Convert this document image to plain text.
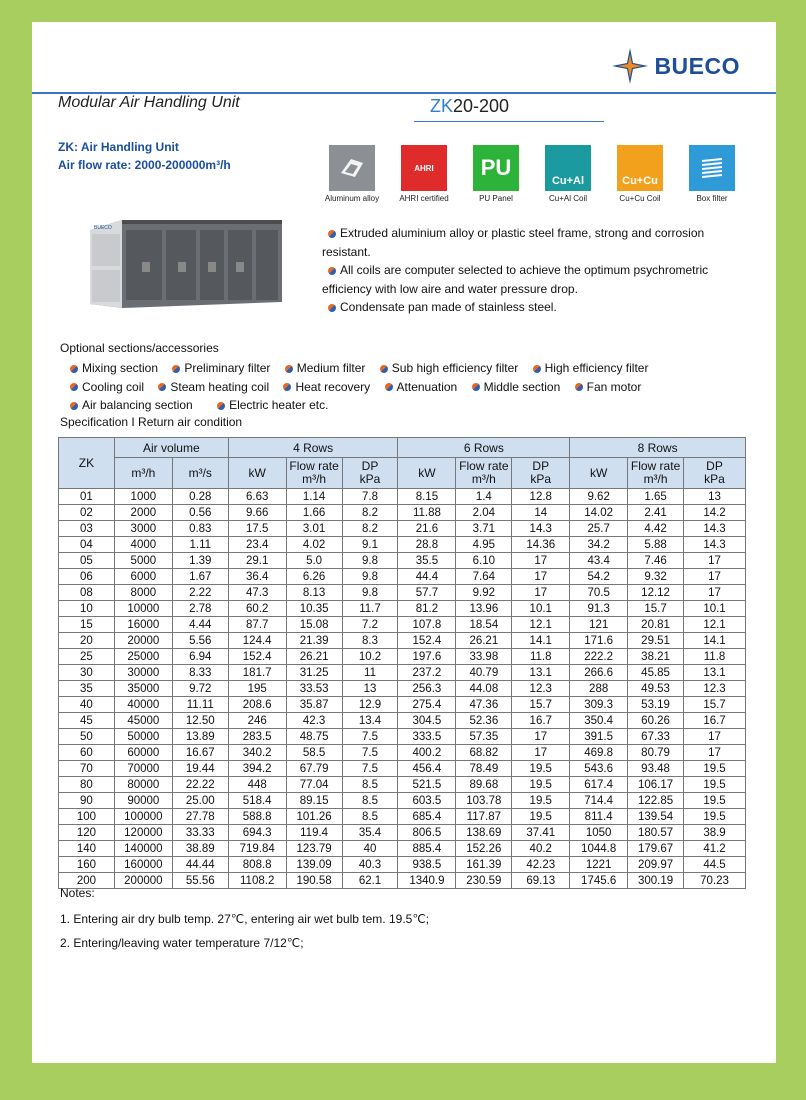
BUECO
Modular Air Handling Unit	ZK20-200
ZK: Air Handling Unit
Air flow rate: 2000-200000m³/h
Aluminum alloy
AHRI
AHRI certified
PU
PU Panel
Cu+Al
Cu+Al Coil
Cu+Cu
Cu+Cu Coil	Box filter
BUECO	Extruded aluminium alloy or plastic steel frame, strong and corrosion resistant.

All coils are computer selected to achieve the optimum psychrometric efficiency with low aire and water pressure drop.

Condensate pan made of stainless steel.

Optional sections/accessories
Mixing section Preliminary filter Medium filter Sub high efficiency filter High efficiency filter
Cooling coil Steam heating coil Heat recovery Attenuation Middle section Fan motor
Air balancing section	Electric heater etc.
Specification I Return air condition
ZK	Air volume		4 Rows			6 Rows			8 Rows		
	m³/h	m³/s	kW	Flow rate
m³/h	DP
kPa	kW	Flow rate
m³/h	DP
kPa	kW	Flow rate
m³/h	DP
kPa
01	1000	0.28	6.63	1.14	7.8	8.15	1.4	12.8	9.62	1.65	13
02	2000	0.56	9.66	1.66	8.2	11.88	2.04	14	14.02	2.41	14.2
03	3000	0.83	17.5	3.01	8.2	21.6	3.71	14.3	25.7	4.42	14.3
04	4000	1.11	23.4	4.02	9.1	28.8	4.95	14.36	34.2	5.88	14.3
05	5000	1.39	29.1	5.0	9.8	35.5	6.10	17	43.4	7.46	17
06	6000	1.67	36.4	6.26	9.8	44.4	7.64	17	54.2	9.32	17
08	8000	2.22	47.3	8.13	9.8	57.7	9.92	17	70.5	12.12	17
10	10000	2.78	60.2	10.35	11.7	81.2	13.96	10.1	91.3	15.7	10.1
15	16000	4.44	87.7	15.08	7.2	107.8	18.54	12.1	121	20.81	12.1
20	20000	5.56	124.4	21.39	8.3	152.4	26.21	14.1	171.6	29.51	14.1
25	25000	6.94	152.4	26.21	10.2	197.6	33.98	11.8	222.2	38.21	11.8
30	30000	8.33	181.7	31.25	11	237.2	40.79	13.1	266.6	45.85	13.1
35	35000	9.72	195	33.53	13	256.3	44.08	12.3	288	49.53	12.3
40	40000	11.11	208.6	35.87	12.9	275.4	47.36	15.7	309.3	53.19	15.7
45	45000	12.50	246	42.3	13.4	304.5	52.36	16.7	350.4	60.26	16.7
50	50000	13.89	283.5	48.75	7.5	333.5	57.35	17	391.5	67.33	17
60	60000	16.67	340.2	58.5	7.5	400.2	68.82	17	469.8	80.79	17
70	70000	19.44	394.2	67.79	7.5	456.4	78.49	19.5	543.6	93.48	19.5
80	80000	22.22	448	77.04	8.5	521.5	89.68	19.5	617.4	106.17	19.5
90	90000	25.00	518.4	89.15	8.5	603.5	103.78	19.5	714.4	122.85	19.5
100	100000	27.78	588.8	101.26	8.5	685.4	117.87	19.5	811.4	139.54	19.5
120	120000	33.33	694.3	119.4	35.4	806.5	138.69	37.41	1050	180.57	38.9
140	140000	38.89	719.84	123.79	40	885.4	152.26	40.2	1044.8	179.67	41.2
160	160000	44.44	808.8	139.09	40.3	938.5	161.39	42.23	1221	209.97	44.5
200	200000	55.56	1108.2	190.58	62.1	1340.9	230.59	69.13	1745.6	300.19	70.23
Notes:
1. Entering air dry bulb temp. 27℃, entering air wet bulb tem. 19.5℃;
2. Entering/leaving water temperature 7/12℃;
